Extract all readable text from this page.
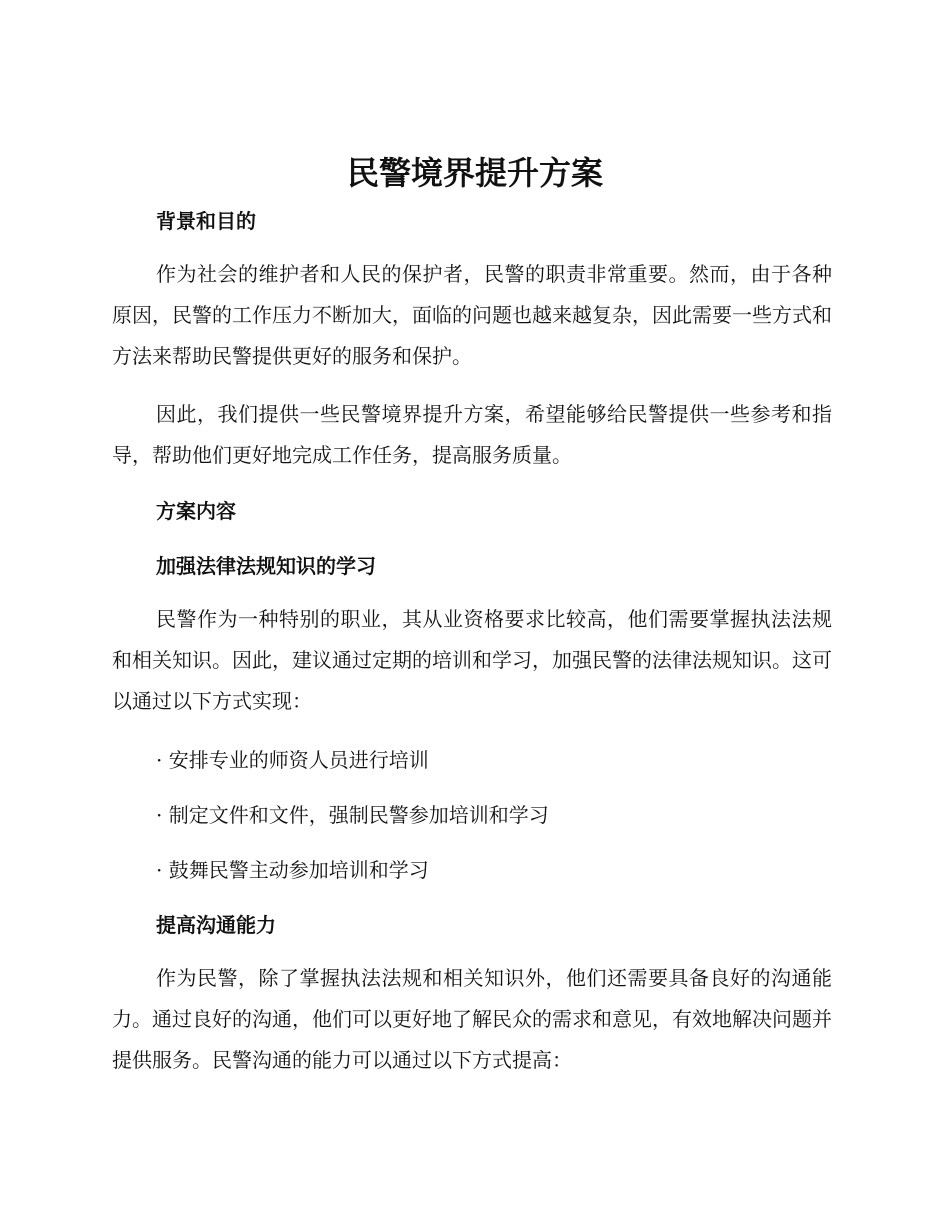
民警境界提升方案
背景和目的

作为社会的维护者和人民的保护者，民警的职责非常重要。然而，由于各种原因，民警的工作压力不断加大，面临的问题也越来越复杂，因此需要一些方式和方法来帮助民警提供更好的服务和保护。

因此，我们提供一些民警境界提升方案，希望能够给民警提供一些参考和指导，帮助他们更好地完成工作任务，提高服务质量。

方案内容
加强法律法规知识的学习

民警作为一种特别的职业，其从业资格要求比较高，他们需要掌握执法法规和相关知识。因此，建议通过定期的培训和学习，加强民警的法律法规知识。这可以通过以下方式实现：

· 安排专业的师资人员进行培训
· 制定文件和文件，强制民警参加培训和学习
· 鼓舞民警主动参加培训和学习
提高沟通能力

作为民警，除了掌握执法法规和相关知识外，他们还需要具备良好的沟通能力。通过良好的沟通，他们可以更好地了解民众的需求和意见，有效地解决问题并提供服务。民警沟通的能力可以通过以下方式提高：
